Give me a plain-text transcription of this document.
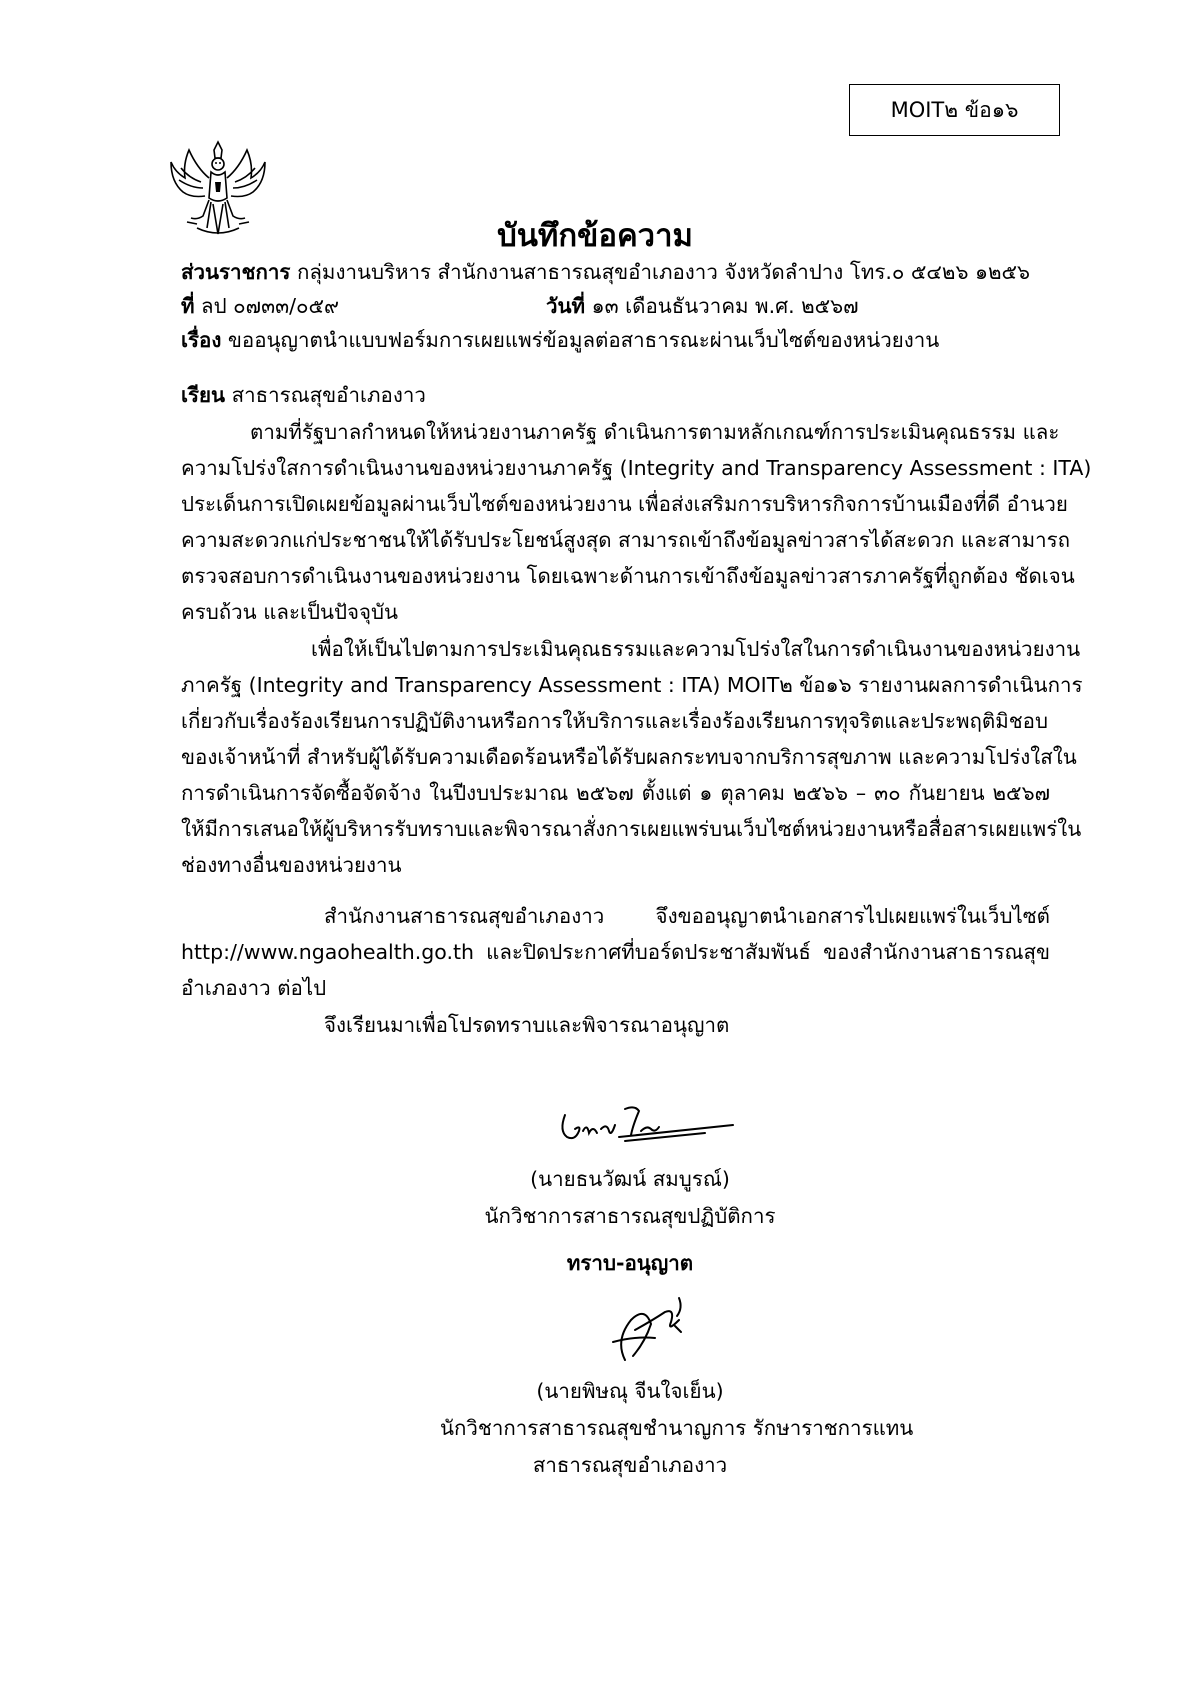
MOIT๒ ข้อ๑๖
บันทึกข้อความ
ส่วนราชการ กลุ่มงานบริหาร สำนักงานสาธารณสุขอำเภองาว จังหวัดลำปาง โทร.๐ ๕๔๒๖ ๑๒๕๖
ที่ ลป ๐๗๓๓/๐๕๙	วันที่ ๑๓ เดือนธันวาคม พ.ศ. ๒๕๖๗
เรื่อง ขออนุญาตนำแบบฟอร์มการเผยแพร่ข้อมูลต่อสาธารณะผ่านเว็บไซต์ของหน่วยงาน
เรียน สาธารณสุขอำเภองาว
ตามที่รัฐบาลกำหนดให้หน่วยงานภาครัฐ ดำเนินการตามหลักเกณฑ์การประเมินคุณธรรม และ
ความโปร่งใสการดำเนินงานของหน่วยงานภาครัฐ (Integrity and Transparency Assessment : ITA)
ประเด็นการเปิดเผยข้อมูลผ่านเว็บไซต์ของหน่วยงาน เพื่อส่งเสริมการบริหารกิจการบ้านเมืองที่ดี อำนวย
ความสะดวกแก่ประชาชนให้ได้รับประโยชน์สูงสุด สามารถเข้าถึงข้อมูลข่าวสารได้สะดวก และสามารถ
ตรวจสอบการดำเนินงานของหน่วยงาน โดยเฉพาะด้านการเข้าถึงข้อมูลข่าวสารภาครัฐที่ถูกต้อง ชัดเจน
ครบถ้วน และเป็นปัจจุบัน
เพื่อให้เป็นไปตามการประเมินคุณธรรมและความโปร่งใสในการดำเนินงานของหน่วยงาน
ภาครัฐ (Integrity and Transparency Assessment : ITA) MOIT๒ ข้อ๑๖ รายงานผลการดำเนินการ
เกี่ยวกับเรื่องร้องเรียนการปฏิบัติงานหรือการให้บริการและเรื่องร้องเรียนการทุจริตและประพฤติมิชอบ
ของเจ้าหน้าที่ สำหรับผู้ได้รับความเดือดร้อนหรือได้รับผลกระทบจากบริการสุขภาพ และความโปร่งใสใน
การดำเนินการจัดซื้อจัดจ้าง ในปีงบประมาณ ๒๕๖๗ ตั้งแต่ ๑ ตุลาคม ๒๕๖๖ – ๓๐ กันยายน ๒๕๖๗
ให้มีการเสนอให้ผู้บริหารรับทราบและพิจารณาสั่งการเผยแพร่บนเว็บไซต์หน่วยงานหรือสื่อสารเผยแพร่ใน
ช่องทางอื่นของหน่วยงาน
สำนักงานสาธารณสุขอำเภองาว จึงขออนุญาตนำเอกสารไปเผยแพร่ในเว็บไซต์
http://www.ngaohealth.go.th และปิดประกาศที่บอร์ดประชาสัมพันธ์ ของสำนักงานสาธารณสุข
อำเภองาว ต่อไป
จึงเรียนมาเพื่อโปรดทราบและพิจารณาอนุญาต
(นายธนวัฒน์ สมบูรณ์)
นักวิชาการสาธารณสุขปฏิบัติการ
ทราบ-อนุญาต
(นายพิษณุ จีนใจเย็น)
นักวิชาการสาธารณสุขชำนาญการ รักษาราชการแทน
สาธารณสุขอำเภองาว
